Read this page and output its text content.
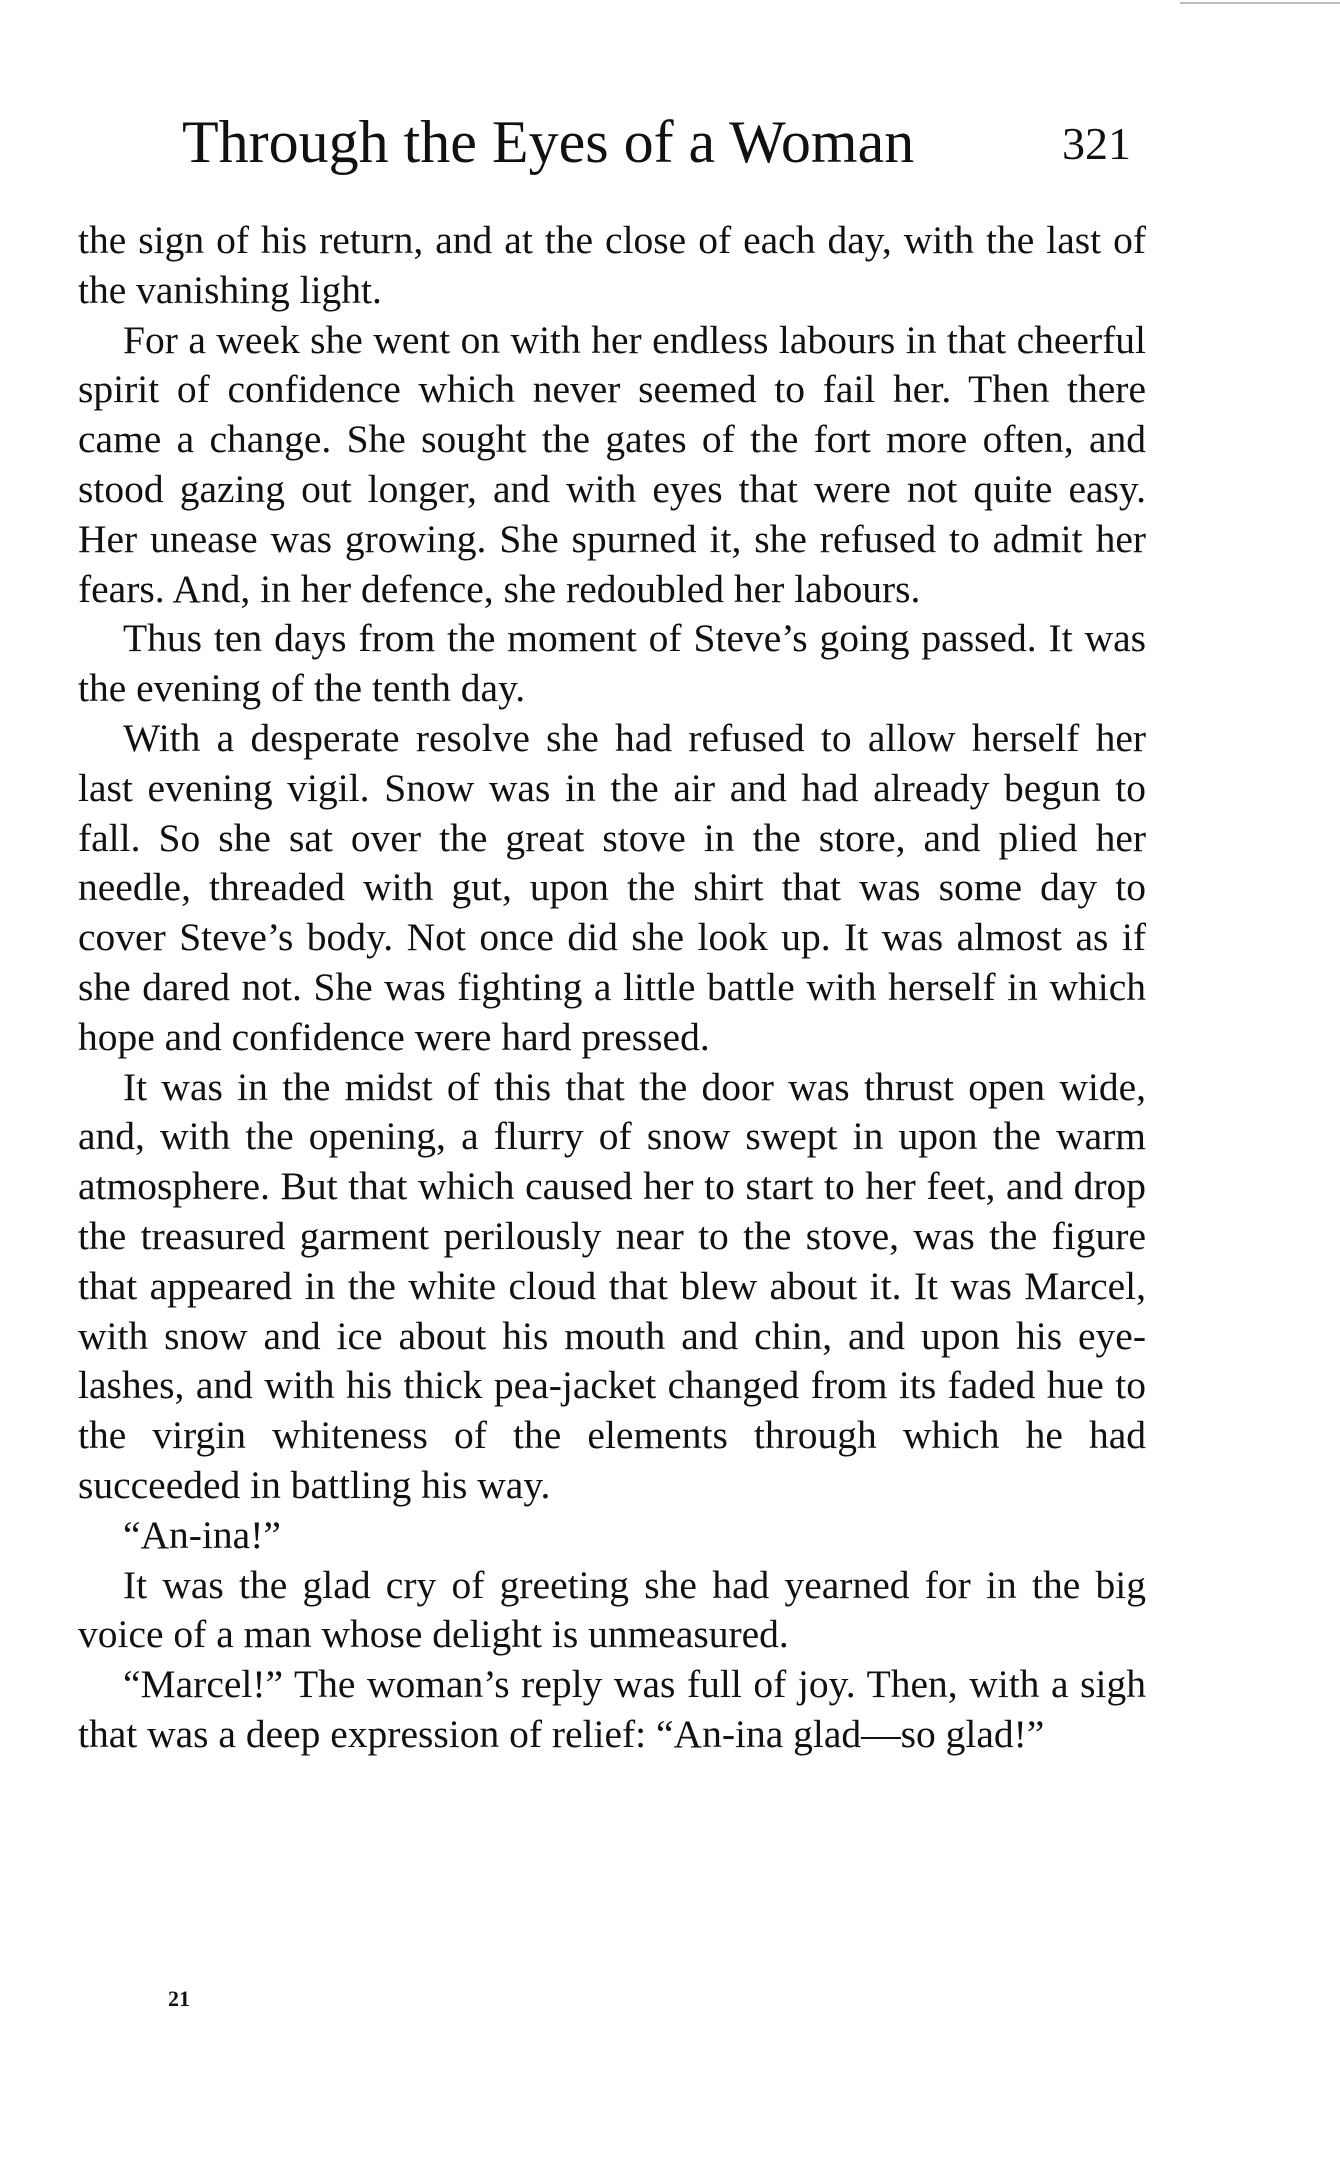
Through the Eyes of a Woman	321

the sign of his return, and at the close of each day, with the last of the vanishing light.

For a week she went on with her endless labours in that cheerful spirit of confidence which never seemed to fail her. Then there came a change. She sought the gates of the fort more often, and stood gazing out longer, and with eyes that were not quite easy. Her unease was growing. She spurned it, she refused to admit her fears. And, in her defence, she redoubled her labours.

Thus ten days from the moment of Steve’s going passed. It was the evening of the tenth day.

With a desperate resolve she had refused to allow herself her last evening vigil. Snow was in the air and had already begun to fall. So she sat over the great stove in the store, and plied her needle, threaded with gut, upon the shirt that was some day to cover Steve’s body. Not once did she look up. It was almost as if she dared not. She was fighting a little battle with herself in which hope and confidence were hard pressed.

It was in the midst of this that the door was thrust open wide, and, with the opening, a flurry of snow swept in upon the warm atmosphere. But that which caused her to start to her feet, and drop the treasured garment perilously near to the stove, was the figure that appeared in the white cloud that blew about it. It was Marcel, with snow and ice about his mouth and chin, and upon his eye-lashes, and with his thick pea-jacket changed from its faded hue to the virgin whiteness of the elements through which he had succeeded in battling his way.

“An-ina!”

It was the glad cry of greeting she had yearned for in the big voice of a man whose delight is unmeasured.

“Marcel!” The woman’s reply was full of joy. Then, with a sigh that was a deep expression of relief: “An-ina glad—so glad!”

21
